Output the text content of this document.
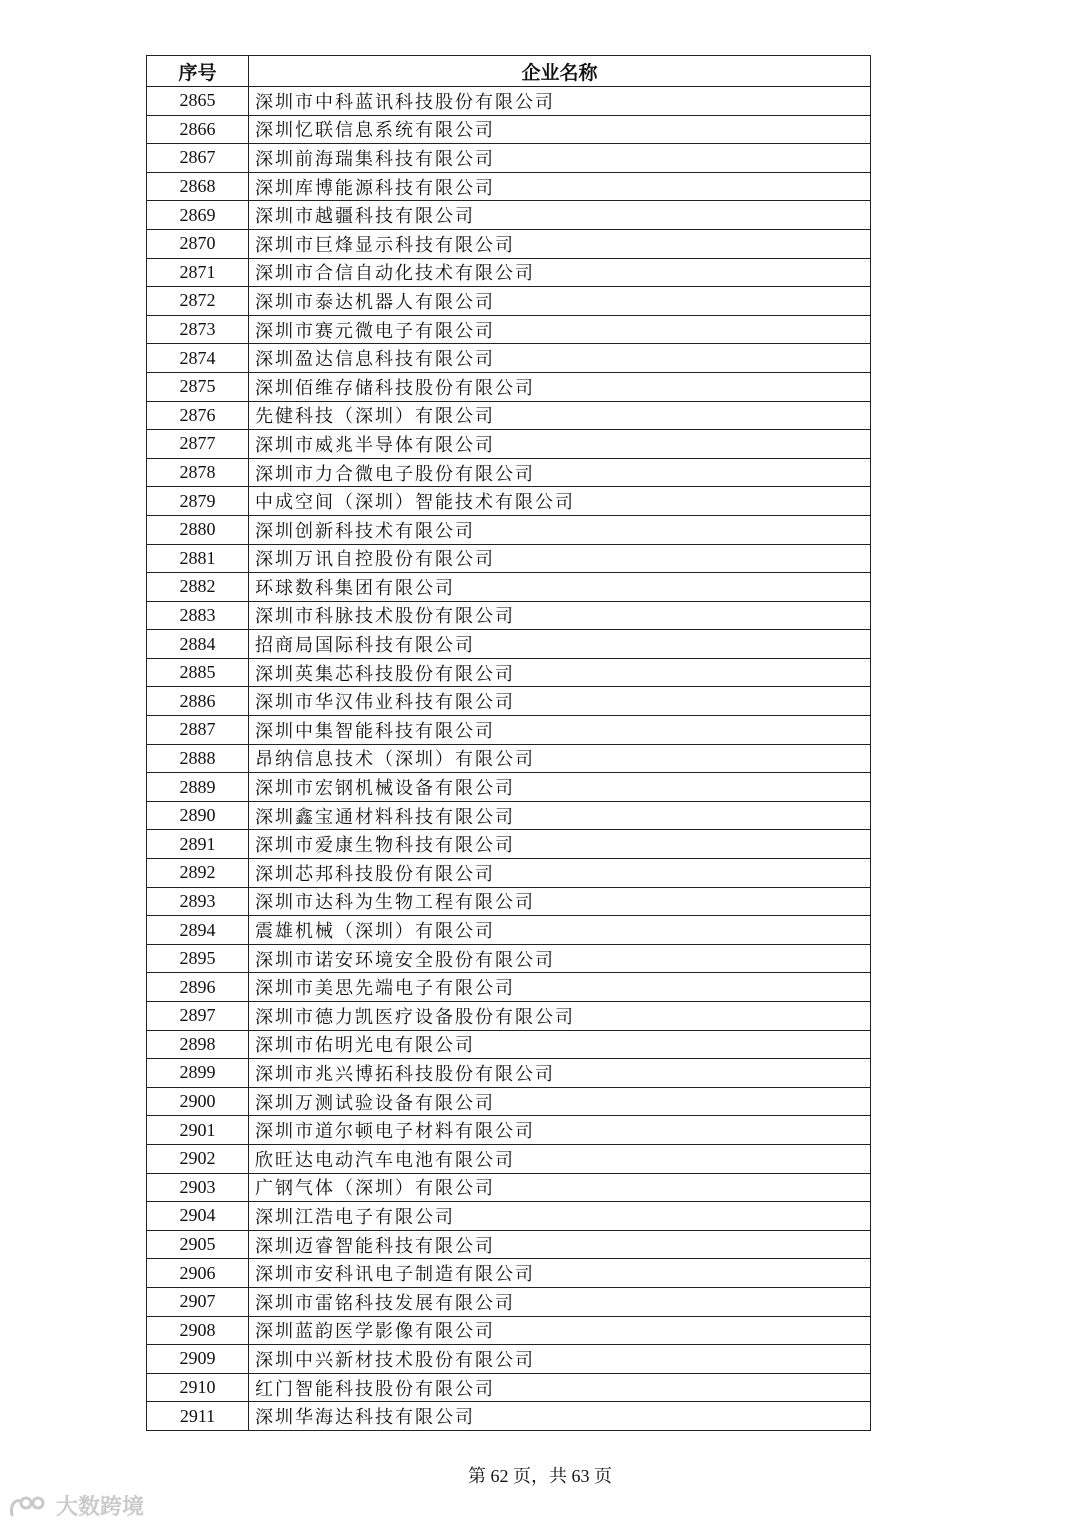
序号	企业名称
2865	深圳市中科蓝讯科技股份有限公司
2866	深圳忆联信息系统有限公司
2867	深圳前海瑞集科技有限公司
2868	深圳库博能源科技有限公司
2869	深圳市越疆科技有限公司
2870	深圳市巨烽显示科技有限公司
2871	深圳市合信自动化技术有限公司
2872	深圳市泰达机器人有限公司
2873	深圳市赛元微电子有限公司
2874	深圳盈达信息科技有限公司
2875	深圳佰维存储科技股份有限公司
2876	先健科技（深圳）有限公司
2877	深圳市威兆半导体有限公司
2878	深圳市力合微电子股份有限公司
2879	中成空间（深圳）智能技术有限公司
2880	深圳创新科技术有限公司
2881	深圳万讯自控股份有限公司
2882	环球数科集团有限公司
2883	深圳市科脉技术股份有限公司
2884	招商局国际科技有限公司
2885	深圳英集芯科技股份有限公司
2886	深圳市华汉伟业科技有限公司
2887	深圳中集智能科技有限公司
2888	昂纳信息技术（深圳）有限公司
2889	深圳市宏钢机械设备有限公司
2890	深圳鑫宝通材料科技有限公司
2891	深圳市爱康生物科技有限公司
2892	深圳芯邦科技股份有限公司
2893	深圳市达科为生物工程有限公司
2894	震雄机械（深圳）有限公司
2895	深圳市诺安环境安全股份有限公司
2896	深圳市美思先端电子有限公司
2897	深圳市德力凯医疗设备股份有限公司
2898	深圳市佑明光电有限公司
2899	深圳市兆兴博拓科技股份有限公司
2900	深圳万测试验设备有限公司
2901	深圳市道尔顿电子材料有限公司
2902	欣旺达电动汽车电池有限公司
2903	广钢气体（深圳）有限公司
2904	深圳江浩电子有限公司
2905	深圳迈睿智能科技有限公司
2906	深圳市安科讯电子制造有限公司
2907	深圳市雷铭科技发展有限公司
2908	深圳蓝韵医学影像有限公司
2909	深圳中兴新材技术股份有限公司
2910	红门智能科技股份有限公司
2911	深圳华海达科技有限公司
第 62 页，共 63 页
大数跨境
